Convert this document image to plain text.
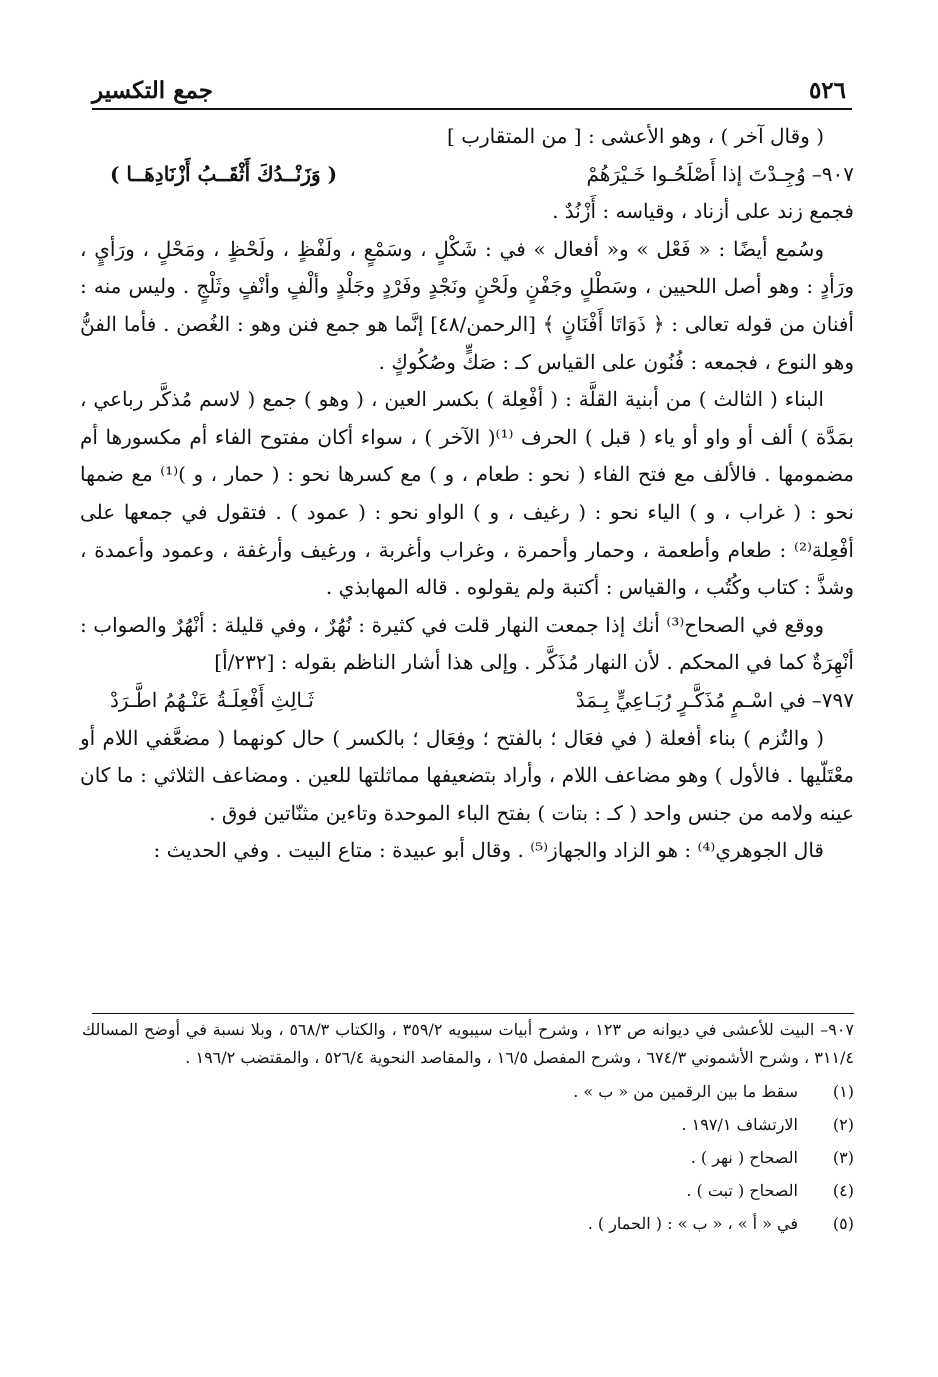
٥٢٦
جمع التكسير

( وقال آخر ) ، وهو الأعشى : [ من المتقارب ]

٩٠٧–وُجِـدْتَ إذا أَصْلَحُـوا خَـيْرَهُمْ
( وَزَنْــدُكَ أَثْقَــبُ أَزْنَادِهَــا )

فجمع زند على أزناد ، وقياسه : أَزْنُدٌ .

وسُمع أيضًا : « فَعْل » و« أفعال » في : شَكْلٍ ، وسَمْعٍ ، ولَفْظٍ ، ولَحْظٍ ، ومَحْلٍ ، ورَأيٍ ، ورَأدٍ : وهو أصل اللحيين ، وسَطْلٍ وجَفْنٍ ولَحْنٍ ونَجْدٍ وفَرْدٍ وجَلْدٍ وألْفٍ وأنْفٍ وثَلْجٍ . وليس منه : أفنان من قوله تعالى : ﴿ ذَوَاتَا أَفْنَانٍ ﴾ [الرحمن/٤٨] إنَّما هو جمع فنن وهو : الغُصن . فأما الفنُّ وهو النوع ، فجمعه : فُنُون على القياس كـ : صَكٍّ وصُكُوكٍ .

البناء ( الثالث ) من أبنية القلَّة : ( أفْعِلة ) بكسر العين ، ( وهو ) جمع ( لاسم مُذكَّر رباعي ، بمَدَّة ) ألف أو واو أو ياء ( قبل ) الحرف ⁽¹⁾( الآخر ) ، سواء أكان مفتوح الفاء أم مكسورها أم مضمومها . فالألف مع فتح الفاء ( نحو : طعام ، و ) مع كسرها نحو : ( حمار ، و )⁽¹⁾ مع ضمها نحو : ( غراب ، و ) الياء نحو : ( رغيف ، و ) الواو نحو : ( عمود ) . فتقول في جمعها على أفْعِلة⁽²⁾ : طعام وأطعمة ، وحمار وأحمرة ، وغراب وأغربة ، ورغيف وأرغفة ، وعمود وأعمدة ، وشذَّ : كتاب وكُتُب ، والقياس : أكتبة ولم يقولوه . قاله المهابذي .

ووقع في الصحاح⁽³⁾ أنك إذا جمعت النهار قلت في كثيرة : نُهُرٌ ، وفي قليلة : أنْهُرٌ والصواب : أنْهِرَةٌ كما في المحكم . لأن النهار مُذَكَّر . وإلى هذا أشار الناظم بقوله : [٢٣٢/أ]

٧٩٧–في اسْـمٍ مُذَكَّـرٍ رُبَـاعِيٍّ بِـمَدْ
ثَـالِثِ أَفْعِلَـةُ عَنْـهُمُ اطَّـرَدْ

( والتُزم ) بناء أفعلة ( في فعَال ؛ بالفتح ؛ وفِعَال ؛ بالكسر ) حال كونهما ( مضعَّفي اللام أو معْتَلّيها . فالأول ) وهو مضاعف اللام ، وأراد بتضعيفها مماثلتها للعين . ومضاعف الثلاثي : ما كان عينه ولامه من جنس واحد ( كـ : بتات ) بفتح الباء الموحدة وتاءين مثنّاتين فوق .

قال الجوهري⁽⁴⁾ : هو الزاد والجهاز⁽⁵⁾ . وقال أبو عبيدة : متاع البيت . وفي الحديث :

٩٠٧– البيت للأعشى في ديوانه ص ١٢٣ ، وشرح أبيات سيبويه ٣٥٩/٢ ، والكتاب ٥٦٨/٣ ، وبلا نسبة في أوضح المسالك ٣١١/٤ ، وشرح الأشموني ٦٧٤/٣ ، وشرح المفصل ١٦/٥ ، والمقاصد النحوية ٥٢٦/٤ ، والمقتضب ١٩٦/٢ .

(١)
سقط ما بين الرقمين من « ب » .
(٢)
الارتشاف ١٩٧/١ .
(٣)
الصحاح ( نهر ) .
(٤)
الصحاح ( تبت ) .
(٥)
في « أ » ، « ب » : ( الحمار ) .
